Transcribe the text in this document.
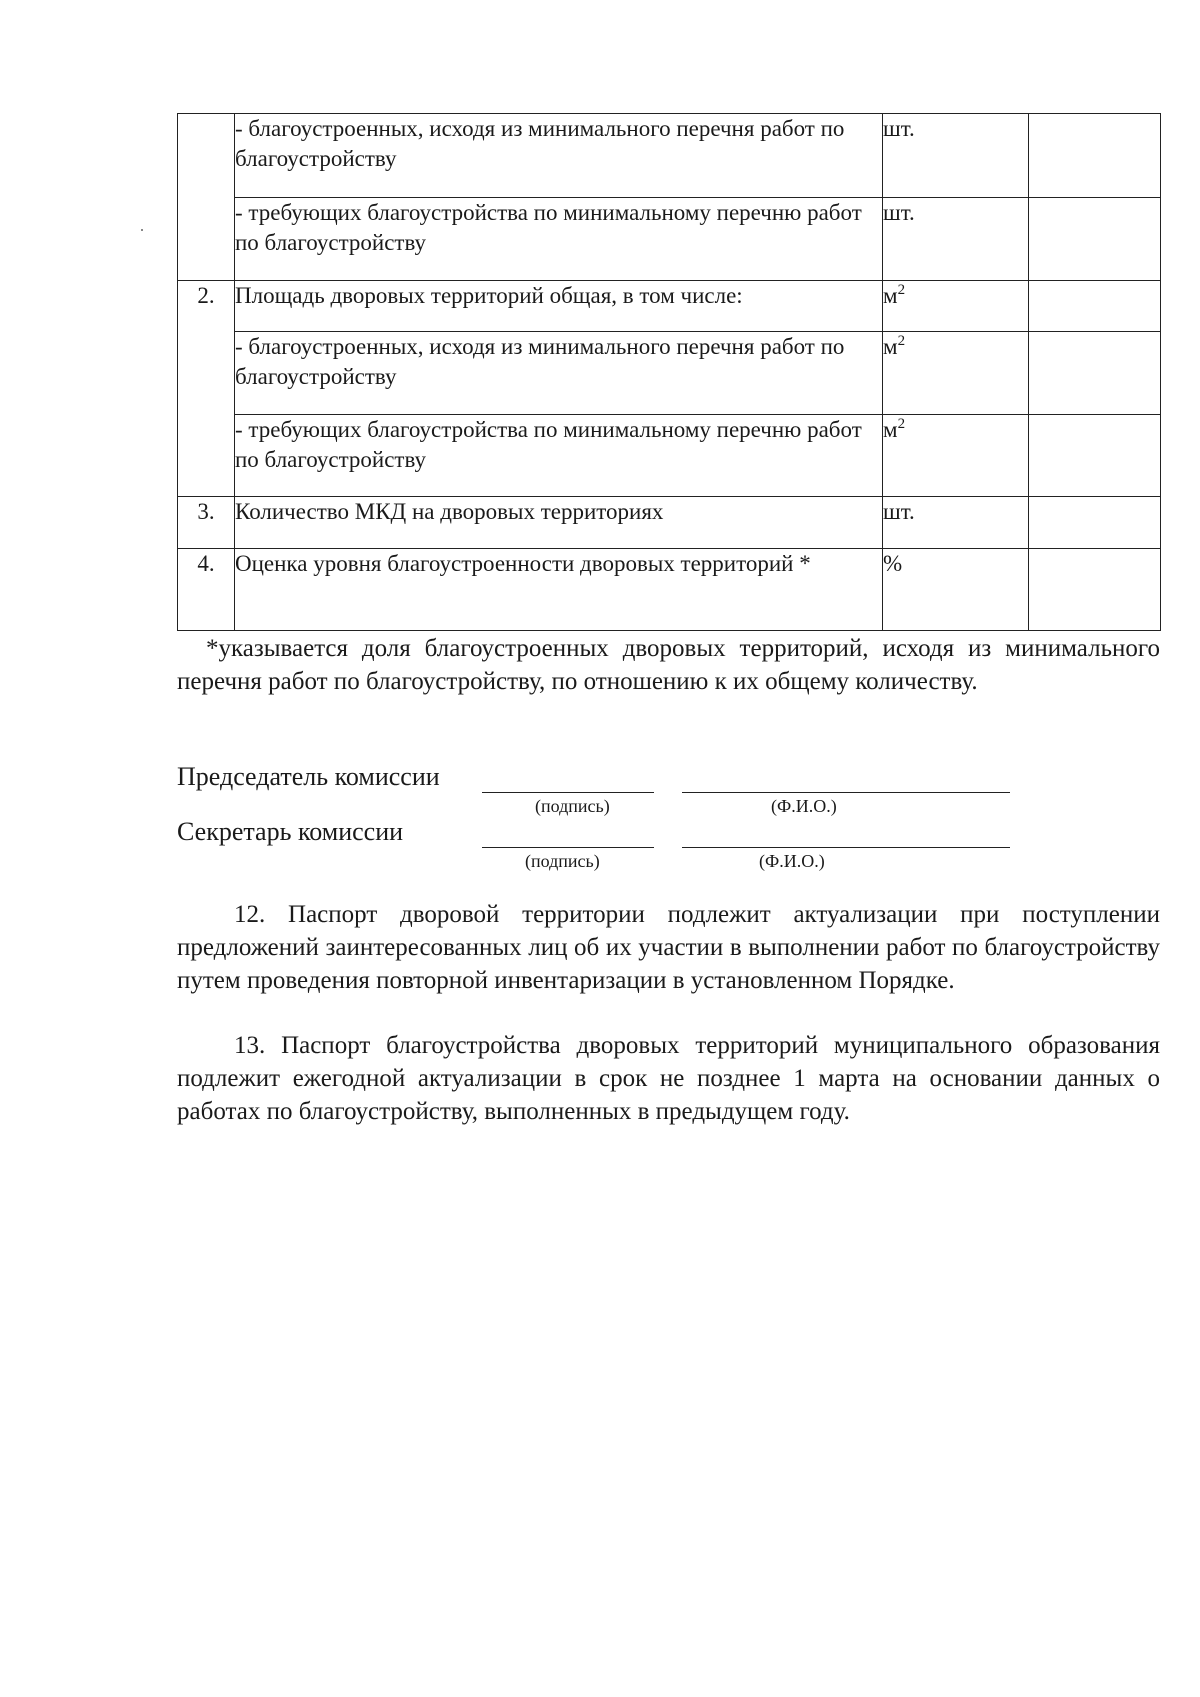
	- благоустроенных, исходя из минимального перечня работ по благоустройству	шт.	
	- требующих благоустройства по минимальному перечню работ по благоустройству	шт.	
2.	Площадь дворовых территорий общая, в том числе:	$м^2$	
	- благоустроенных, исходя из минимального перечня работ по благоустройству	$м^2$	
	- требующих благоустройства по минимальному перечню работ по благоустройству	$м^2$	
3.	Количество МКД на дворовых территориях	шт.	
4.	Оценка уровня благоустроенности дворовых территорий *	%	
*указывается доля благоустроенных дворовых территорий, исходя из минимального перечня работ по благоустройству, по отношению к их общему количеству.
Председатель комиссии
(подпись)	(Ф.И.О.)
Секретарь комиссии
(подпись)	(Ф.И.О.)
12. Паспорт дворовой территории подлежит актуализации при поступлении предложений заинтересованных лиц об их участии в выполнении работ по благоустройству путем проведения повторной инвентаризации в установленном Порядке.
13. Паспорт благоустройства дворовых территорий муниципального образования подлежит ежегодной актуализации в срок не позднее 1 марта на основании данных о работах по благоустройству, выполненных в предыдущем году.
